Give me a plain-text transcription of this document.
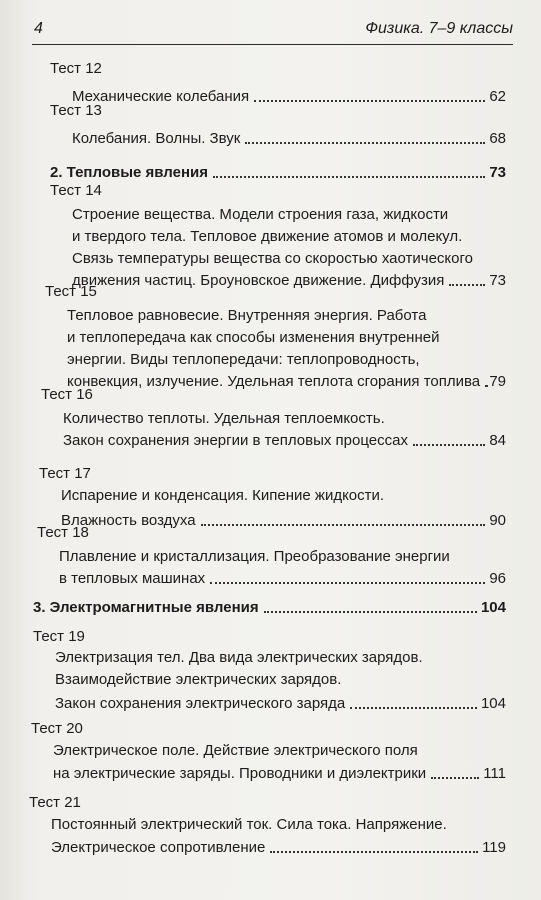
4	Физика. 7–9 классы
Тест 12
Механические колебания	62
Тест 13
Колебания. Волны. Звук	68
2. Тепловые явления	73
Тест 14
Строение вещества. Модели строения газа, жидкости
и твердого тела. Тепловое движение атомов и молекул.
Связь температуры вещества со скоростью хаотического
движения частиц. Броуновское движение. Диффузия	73
Тест 15
Тепловое равновесие. Внутренняя энергия. Работа
и теплопередача как способы изменения внутренней
энергии. Виды теплопередачи: теплопроводность,
конвекция, излучение. Удельная теплота сгорания топлива 79
Тест 16
Количество теплоты. Удельная теплоемкость.
Закон сохранения энергии в тепловых процессах	84
Тест 17
Испарение и конденсация. Кипение жидкости.
Влажность воздуха	90
Тест 18
Плавление и кристаллизация. Преобразование энергии
в тепловых машинах	96
3. Электромагнитные явления	104
Тест 19
Электризация тел. Два вида электрических зарядов.
Взаимодействие электрических зарядов.
Закон сохранения электрического заряда	104
Тест 20
Электрическое поле. Действие электрического поля
на электрические заряды. Проводники и диэлектрики	111
Тест 21
Постоянный электрический ток. Сила тока. Напряжение.
Электрическое сопротивление	119
